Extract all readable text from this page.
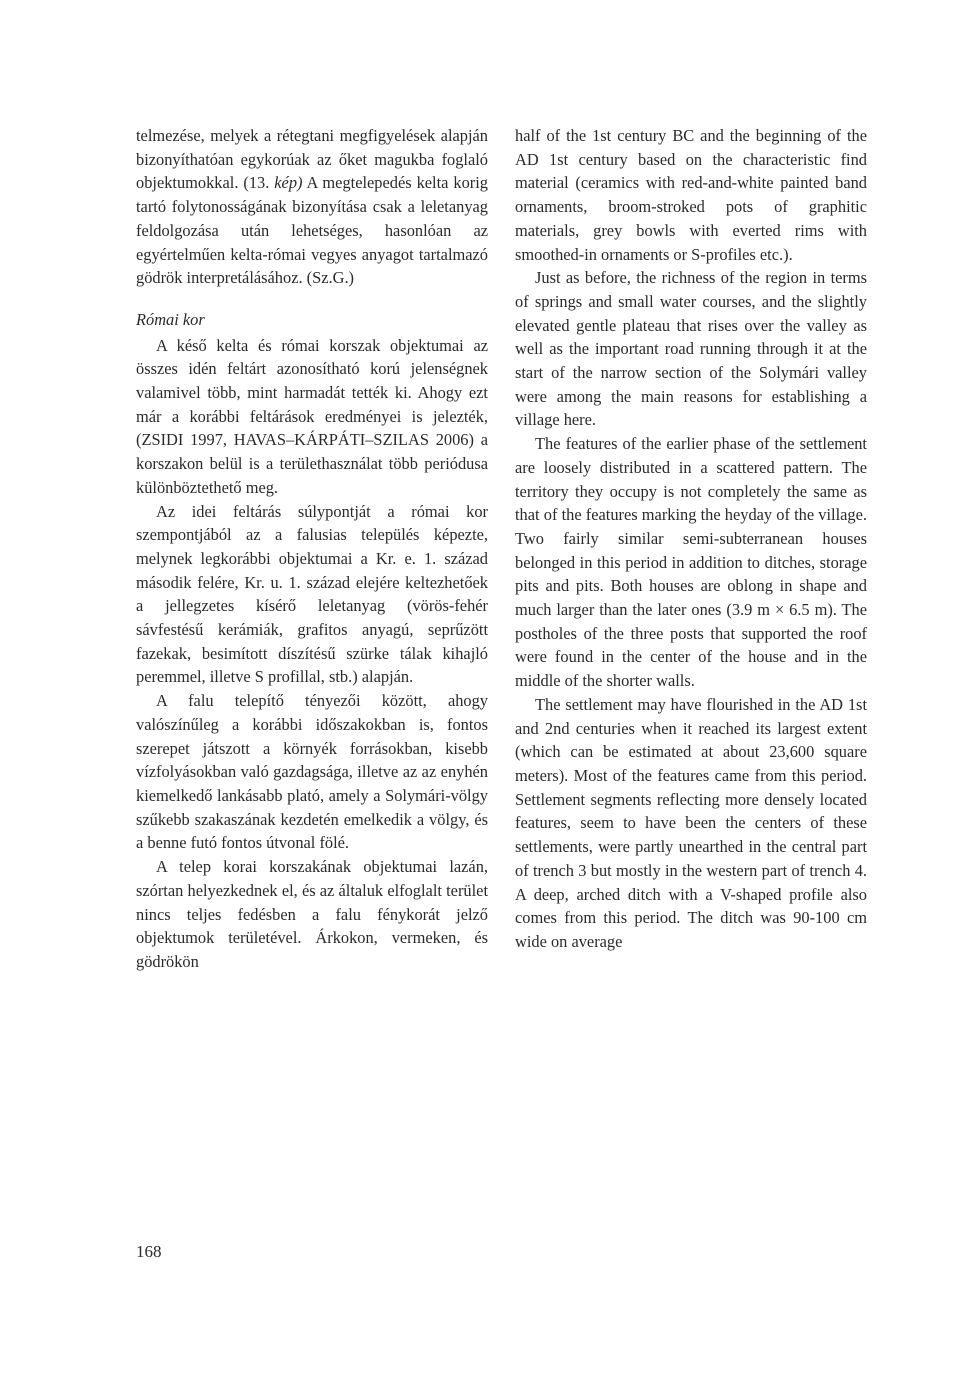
telmezése, melyek a rétegtani megfigyelések alapján bizonyíthatóan egykorúak az őket magukba foglaló objektumokkal. (13. kép) A megtelepedés kelta korig tartó folytonosságának bizonyítása csak a leletanyag feldolgozása után lehetséges, hasonlóan az egyértelműen kelta-római vegyes anyagot tartalmazó gödrök interpretálásához. (Sz.G.)

Római kor

A késő kelta és római korszak objektumai az összes idén feltárt azonosítható korú jelenségnek valamivel több, mint harmadát tették ki. Ahogy ezt már a korábbi feltárások eredményei is jelezték, (ZSIDI 1997, HAVAS–KÁRPÁTI–SZILAS 2006) a korszakon belül is a területhasználat több periódusa különböztethető meg.

Az idei feltárás súlypontját a római kor szempontjából az a falusias település képezte, melynek legkorábbi objektumai a Kr. e. 1. század második felére, Kr. u. 1. század elejére keltezhetőek a jellegzetes kísérő leletanyag (vörös-fehér sávfestésű kerámiák, grafitos anyagú, seprűzött fazekak, besimított díszítésű szürke tálak kihajló peremmel, illetve S profillal, stb.) alapján.

A falu telepítő tényezői között, ahogy valószínűleg a korábbi időszakokban is, fontos szerepet játszott a környék forrásokban, kisebb vízfolyásokban való gazdagsága, illetve az az enyhén kiemelkedő lankásabb plató, amely a Solymári-völgy szűkebb szakaszának kezdetén emelkedik a völgy, és a benne futó fontos útvonal fölé.

A telep korai korszakának objektumai lazán, szórtan helyezkednek el, és az általuk elfoglalt terület nincs teljes fedésben a falu fénykorát jelző objektumok területével. Árkokon, vermeken, és gödrökön

half of the 1st century BC and the beginning of the AD 1st century based on the characteristic find material (ceramics with red-and-white painted band ornaments, broom-stroked pots of graphitic materials, grey bowls with everted rims with smoothed-in ornaments or S-profiles etc.).

Just as before, the richness of the region in terms of springs and small water courses, and the slightly elevated gentle plateau that rises over the valley as well as the important road running through it at the start of the narrow section of the Solymári valley were among the main reasons for establishing a village here.

The features of the earlier phase of the settlement are loosely distributed in a scattered pattern. The territory they occupy is not completely the same as that of the features marking the heyday of the village. Two fairly similar semi-subterranean houses belonged in this period in addition to ditches, storage pits and pits. Both houses are oblong in shape and much larger than the later ones (3.9 m × 6.5 m). The postholes of the three posts that supported the roof were found in the center of the house and in the middle of the shorter walls.

The settlement may have flourished in the AD 1st and 2nd centuries when it reached its largest extent (which can be estimated at about 23,600 square meters). Most of the features came from this period. Settlement segments reflecting more densely located features, seem to have been the centers of these settlements, were partly unearthed in the central part of trench 3 but mostly in the western part of trench 4. A deep, arched ditch with a V-shaped profile also comes from this period. The ditch was 90-100 cm wide on average

168
